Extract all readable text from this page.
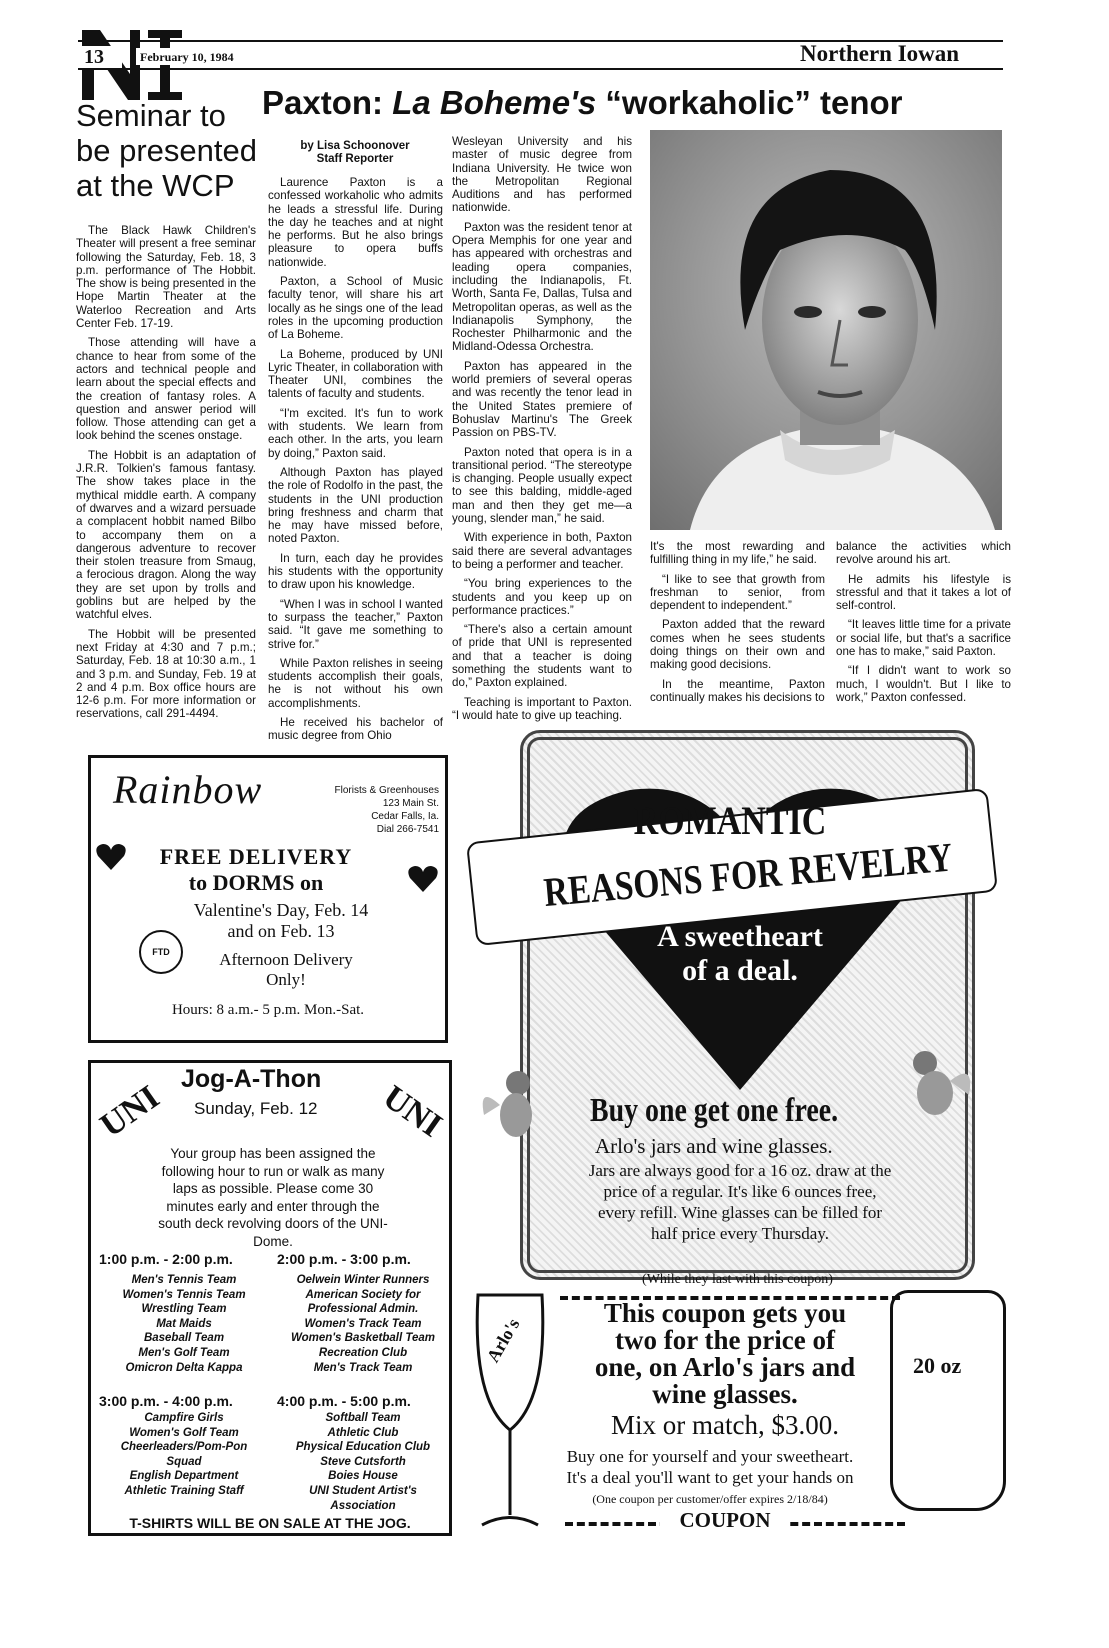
13	February 10, 1984	Northern Iowan
Seminar to be presented at the WCP

The Black Hawk Children's Theater will present a free seminar following the Saturday, Feb. 18, 3 p.m. performance of The Hobbit. The show is being presented in the Hope Martin Theater at the Waterloo Recreation and Arts Center Feb. 17-19.

Those attending will have a chance to hear from some of the actors and technical people and learn about the special effects and the creation of fantasy roles. A question and answer period will follow. Those attending can get a look behind the scenes onstage.

The Hobbit is an adaptation of J.R.R. Tolkien's famous fantasy. The show takes place in the mythical middle earth. A company of dwarves and a wizard persuade a complacent hobbit named Bilbo to accompany them on a dangerous adventure to recover their stolen treasure from Smaug, a ferocious dragon. Along the way they are set upon by trolls and goblins but are helped by the watchful elves.

The Hobbit will be presented next Friday at 4:30 and 7 p.m.; Saturday, Feb. 18 at 10:30 a.m., 1 and 3 p.m. and Sunday, Feb. 19 at 2 and 4 p.m. Box office hours are 12-6 p.m. For more information or reservations, call 291-4494.

Paxton: La Boheme's “workaholic” tenor
by Lisa Schoonover
Staff Reporter

Laurence Paxton is a confessed workaholic who admits he leads a stressful life. During the day he teaches and at night he performs. But he also brings pleasure to opera buffs nationwide.

Paxton, a School of Music faculty tenor, will share his art locally as he sings one of the lead roles in the upcoming production of La Boheme.

La Boheme, produced by UNI Lyric Theater, in collaboration with Theater UNI, combines the talents of faculty and students.

“I'm excited. It's fun to work with students. We learn from each other. In the arts, you learn by doing,” Paxton said.

Although Paxton has played the role of Rodolfo in the past, the students in the UNI production bring freshness and charm that he may have missed before, noted Paxton.

In turn, each day he provides his students with the opportunity to draw upon his knowledge.

“When I was in school I wanted to surpass the teacher,” Paxton said. “It gave me something to strive for.”

While Paxton relishes in seeing students accomplish their goals, he is not without his own accomplishments.

He received his bachelor of music degree from Ohio

Wesleyan University and his master of music degree from Indiana University. He twice won the Metropolitan Regional Auditions and has performed nationwide.

Paxton was the resident tenor at Opera Memphis for one year and has appeared with orchestras and leading opera companies, including the Indianapolis, Ft. Worth, Santa Fe, Dallas, Tulsa and Metropolitan operas, as well as the Indianapolis Symphony, the Rochester Philharmonic and the Midland-Odessa Orchestra.

Paxton has appeared in the world premiers of several operas and was recently the tenor lead in the United States premiere of Bohuslav Martinu's The Greek Passion on PBS-TV.

Paxton noted that opera is in a transitional period. “The stereotype is changing. People usually expect to see this balding, middle-aged man and then they get me—a young, slender man,” he said.

With experience in both, Paxton said there are several advantages to being a performer and teacher.

“You bring experiences to the students and you keep up on performance practices.”

“There's also a certain amount of pride that UNI is represented and that a teacher is doing something the students want to do,” Paxton explained.

Teaching is important to Paxton. “I would hate to give up teaching.

It's the most rewarding and fulfilling thing in my life,” he said.

“I like to see that growth from freshman to senior, from dependent to independent.”

Paxton added that the reward comes when he sees students doing things on their own and making good decisions.

In the meantime, Paxton continually makes his decisions to

balance the activities which revolve around his art.

He admits his lifestyle is stressful and that it takes a lot of self-control.

“It leaves little time for a private or social life, but that's a sacrifice one has to make,” said Paxton.

“If I didn't want to work so much, I wouldn't. But I like to work,” Paxton confessed.

Rainbow	Florists & Greenhouses
123 Main St.
Cedar Falls, Ia.
Dial 266-7541
FREE DELIVERY
to DORMS on
Valentine's Day, Feb. 14
and on Feb. 13
Afternoon Delivery
Only!
FTD
Hours: 8 a.m.- 5 p.m. Mon.-Sat.
UNI	UNI
Jog-A-Thon
Sunday, Feb. 12
Your group has been assigned the following hour to run or walk as many laps as possible. Please come 30 minutes early and enter through the south deck revolving doors of the UNI-Dome.
1:00 p.m. - 2:00 p.m.
Men's Tennis Team
Women's Tennis Team
Wrestling Team
Mat Maids
Baseball Team
Men's Golf Team
Omicron Delta Kappa
2:00 p.m. - 3:00 p.m.
Oelwein Winter Runners
American Society for
Professional Admin.
Women's Track Team
Women's Basketball Team
Recreation Club
Men's Track Team
3:00 p.m. - 4:00 p.m.
Campfire Girls
Women's Golf Team
Cheerleaders/Pom-Pon
Squad
English Department
Athletic Training Staff
4:00 p.m. - 5:00 p.m.
Softball Team
Athletic Club
Physical Education Club
Steve Cutsforth
Boies House
UNI Student Artist's
Association
T-SHIRTS WILL BE ON SALE AT THE JOG.
ROMANTIC
REASONS FOR REVELRY
A sweetheart
of a deal.
Buy one get one free.
Arlo's jars and wine glasses.
Jars are always good for a 16 oz. draw at the
price of a regular. It's like 6 ounces free,
every refill. Wine glasses can be filled for
half price every Thursday.
(While they last with this coupon)
Arlo's	20 oz
This coupon gets you
two for the price of
one, on Arlo's jars and
wine glasses.
Mix or match, $3.00.
Buy one for yourself and your sweetheart.
It's a deal you'll want to get your hands on
(One coupon per customer/offer expires 2/18/84)
COUPON
